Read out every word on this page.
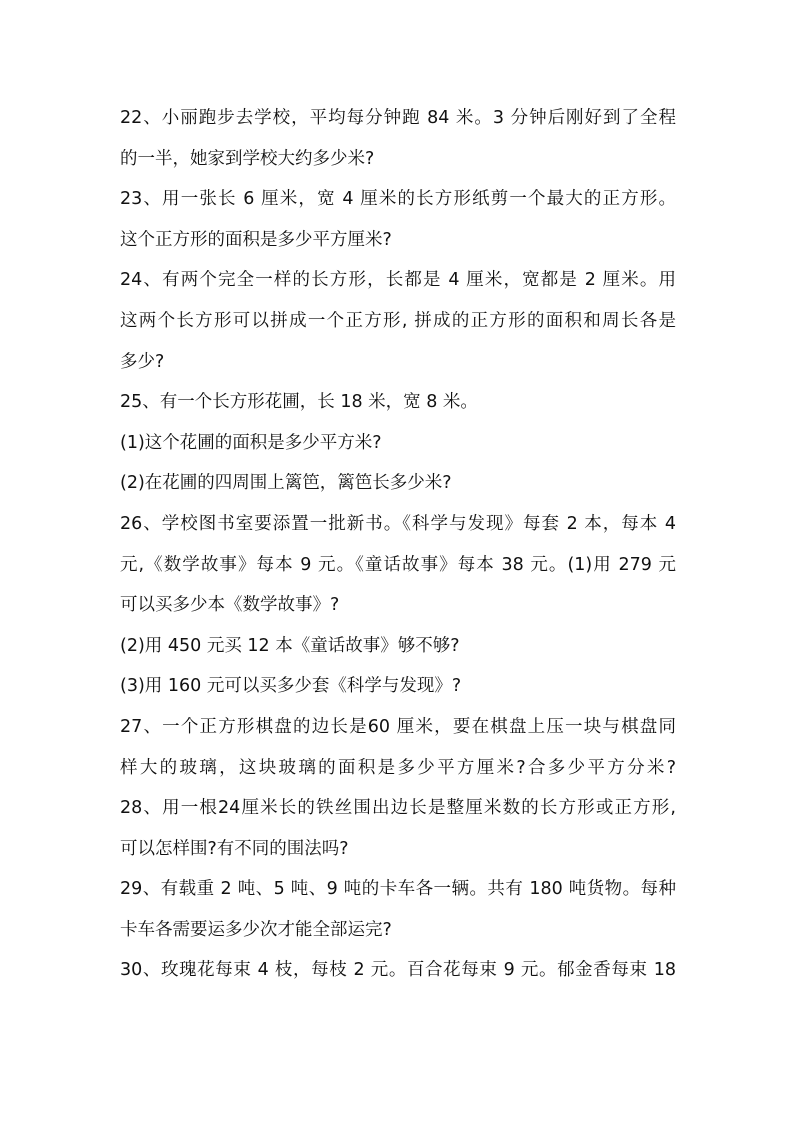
22、小丽跑步去学校，平均每分钟跑 84 米。3 分钟后刚好到了全程
的一半，她家到学校大约多少米?
23、用一张长 6 厘米，宽 4 厘米的长方形纸剪一个最大的正方形。
这个正方形的面积是多少平方厘米?
24、有两个完全一样的长方形，长都是 4 厘米，宽都是 2 厘米。用
这两个长方形可以拼成一个正方形, 拼成的正方形的面积和周长各是
多少?
25、有一个长方形花圃，长 18 米，宽 8 米。
(1)这个花圃的面积是多少平方米?
(2)在花圃的四周围上篱笆，篱笆长多少米?
26、学校图书室要添置一批新书。《科学与发现》每套 2 本，每本 4
元,《数学故事》每本 9 元。《童话故事》每本 38 元。(1)用 279 元
可以买多少本《数学故事》?
(2)用 450 元买 12 本《童话故事》够不够?
(3)用 160 元可以买多少套《科学与发现》?
27、一个正方形棋盘的边长是60 厘米，要在棋盘上压一块与棋盘同
样大的玻璃，这块玻璃的面积是多少平方厘米?合多少平方分米?
28、用一根24厘米长的铁丝围出边长是整厘米数的长方形或正方形,
可以怎样围?有不同的围法吗?
29、有载重 2 吨、5 吨、9 吨的卡车各一辆。共有 180 吨货物。每种
卡车各需要运多少次才能全部运完?
30、玫瑰花每束 4 枝，每枝 2 元。百合花每束 9 元。郁金香每束 18
